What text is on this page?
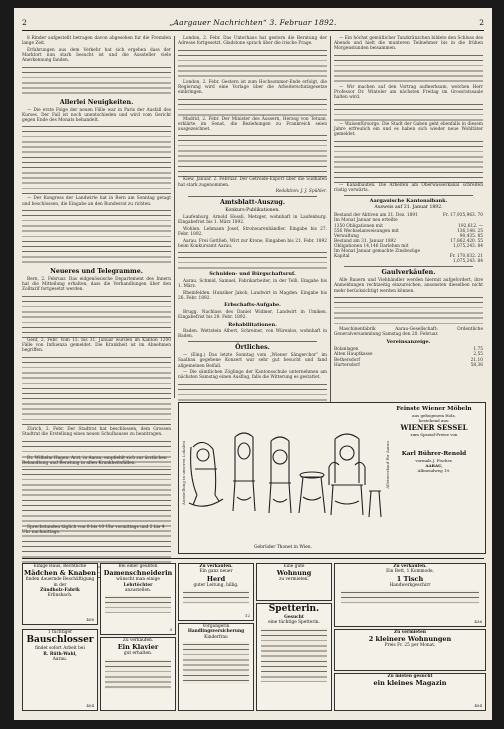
2	„Aargauer Nachrichten“ 3. Februar 1892.	2

8 Rinder aufgestellt betragen davon abgesehen fur die Fremden lange Zeit.

Erfahrungen aus dem Verkehr hat sich ergeben dass der Marktort nun stark besucht ist und die Aussteller viele Anerkennung fanden.

Allerlei Neuigkeiten.

— Die erste Folge der neuen Fälle war in Paris der Ausfall des Kurses. Der Fall ist noch unentschieden und wird vom Gericht gegen Ende des Monats behandelt.

— Der Kongress der Landwirte hat in Bern am Sonntag getagt und beschlossen, die Eingabe an den Bundesrat zu richten.

Neueres und Telegramme.

Bern, 2. Februar. Das eidgenössische Departement des Innern hat die Mitteilung erhalten, dass die Verhandlungen über den Zolltarif fortgesetzt werden.

Genf, 2. Febr. Vom 15. bis 31. Januar wurden im Kanton 1200 Fälle von Influenza gemeldet. Die Krankheit ist im Abnehmen begriffen.

Zürich, 2. Febr. Der Stadtrat hat beschlossen, dem Grossen Stadtrat die Erstellung eines neuen Schulhauses zu beantragen.

London, 2. Febr. Das Unterhaus hat gestern die Beratung der Adresse fortgesetzt. Gladstone sprach über die irische Frage.

London, 2. Febr. Gestern ist zum Hochsommer-Ende erfolgt, die Regierung wird eine Vorlage über die Arbeiterschutzgesetze einbringen.

Madrid, 2. Febr. Der Minister des Äussern, Herzog von Tetuan, erklärte im Senat, die Beziehungen zu Frankreich seien ausgezeichnet.

Kiew, Januar. 2. Februar. Der Getreide-Export über die Südhäfen hat stark zugenommen.

Redaktion: J. J. Spühler.

Amtsblatt-Auszug.
Konkurs-Publikationen.

Laufenburg. Arnold Hossli, Metzger, wohnhaft in Laufenburg. Eingabefrist bis 1. März 1892.

Wohlen. Lehmann Josef, Strohwarenhändler. Eingabe bis 27. Febr. 1892.

Aarau. Frei Gottlieb, Wirt zur Krone, Eingaben bis 21. Febr. 1892 beim Konkursamt Aarau.

Schulden- und Bürgschaftsruf.

Aarau. Schmid, Samuel, Fabrikarbeiter, in der Telli. Eingabe bis 1. März.

Rheinfelden. Hunziker Jakob, Landwirt in Magden. Eingabe bis 26. Febr. 1892.

Erbschafts-Aufgabe.

Brugg. Nachlass des Daniel Widmer, Landwirt in Umiken. Eingabefrist bis 29. Febr. 1892.

Rehabilitationen.

Baden. Wettstein Albert, Schreiner, von Würenlos, wohnhaft in Baden.

Örtliches.

— (Eing.) Das letzte Sonntag vom „Wiener Sängerchor“ im Saalbau gegebene Konzert war sehr gut besucht und fand allgemeinen Beifall.

— Die sämtlichen Zöglinge der Kantonsschule unternehmen am nächsten Samstag einen Ausflug, falls die Witterung es gestattet.

— Ein höchst gemütlicher Tanzkränzchen bildete den Schluss des Abends und hielt die munteren Teilnehmer bis in die frühen Morgenstunden beisammen.

— Wir machen auf den Vortrag aufmerksam, welchen Herr Professor Dr. Winteler am nächsten Freitag im Grossratssaale halten wird.

— Waisenfürsorge. Die Stadt der Gaben geht ebenfalls in diesem Jahre erfreulich ein und es haben sich wieder neue Wohltäter gemeldet.

— Kanalbauten. Die Arbeiten am Oberwasserkanal schreiten rüstig vorwärts.

Aargauische Kantonalbank.
Ausweis auf 31. Januar 1892.
Bestand der Aktiven am 31. Dez. 1891	Fr. 17,935,963. 70
Im Monat Januar neu erteilte	
1350 Obligationen mit	192,612. —
556 Wechselanweisungen mit	136,148. 25
Verwaltung	90,435. 85
Bestand am 31. Januar 1892	17,862,420. 55
Obligationen 14,146 Darlehen mit	1,075,243. 84
Im Monat Januar gemachte Zinsbezüge	
Kapital	Fr. 170,032. 21
	1,075,243. 84
Gaulverkäufen.

Alle Bauern und Viehhändler werden hiermit aufgefordert, ihre Anmeldungen rechtzeitig einzureichen, ansonsten dieselben nicht mehr berücksichtigt werden können.

Maschinenfabrik Aarau-Gesellschaft: Ordentliche Generalversammlung Samstag den 20. Februar.

Vereinsanzeige.
Bolanlagen	1,75
Alten Hauptkasse	2,55
Bethersdorf	21,10
Hartersdorf	58,36

Dr. Wilhelm Hagen, Arzt, in Aarau, empfiehlt sich zur ärztlichen Behandlung und Beratung in allen Krankheitsfällen.

Sprechstunden täglich von 8 bis 10 Uhr vormittags und 2 bis 4 Uhr nachmittags.

Ausstellung in unseren Lokalen
Gebrüder Thonet in Wien.
Alleinverkauf für Aarau
Feinste Wiener Möbeln
aus gebogenem Holz,
bestehend aus:
WIENER SESSEL
zum Spezial-Preise von
Karl Bührer-Renold
vormals J. Fischer,
AARAU,
Allmendweg 19.
Einige Haus, Rechtliche
Mädchen & Knaben
finden dauernde Beschäftigung in der
Zündholz-Fabrik
Erlinsbach.
408
1 tüchtiger
Bauschlosser
findet sofort Arbeit bei
R. Rüth-Wahl,
Aarau.
404
Bei einer geübten
Damenschneiderin
wünscht man einige
Lehrtöchter
anzustellen.
3
Zu verkaufen.
Ein Klavier
gut erhalten.
Zu verkaufen.
Ein ganz neuer
Herd
guter Leitung, billig.
12
Vorgängerin
Handlingsversicherung
Kinderfrau
Eine gute
Wohnung
zu vermieten.
Spetterin.
Gesucht
eine tüchtige Spetterin.
Zu verkaufen.
Ein Bett, 1 Kommode,
1 Tisch
Handwerkgeschirr
436
Zu vermieten
2 kleinere Wohnungen
Preis Fr. 25 per Monat.
Zu mieten gesucht
ein kleines Magazin
404
